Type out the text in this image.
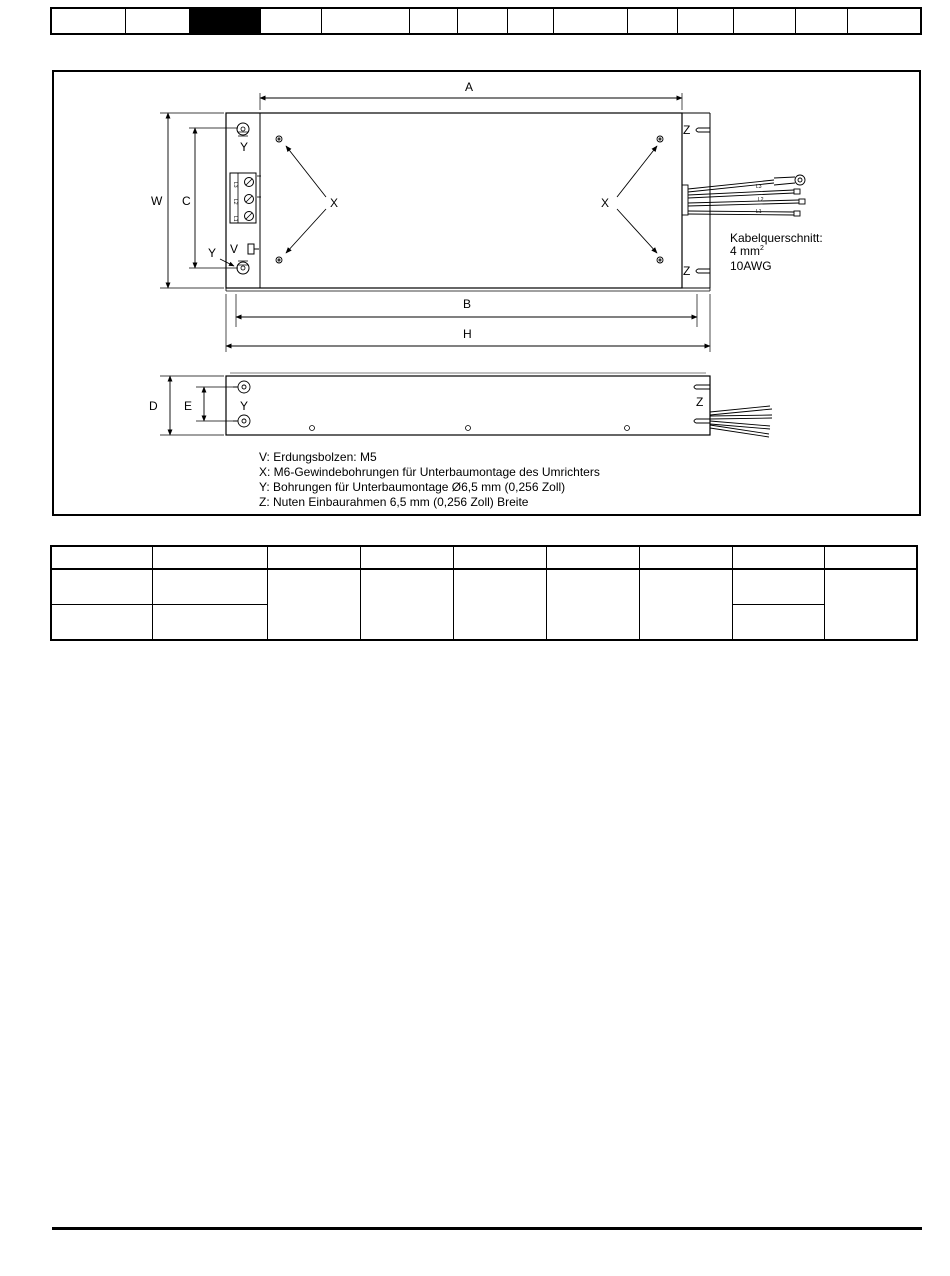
L3
L2
L1
L3
L2
L1
X	X
Y
Y V
Z
Z
A
W C
B
H
D E	Y	Z
Kabelquerschnitt:
4 $mm^2$
10AWG
V: Erdungsbolzen: M5
X: M6-Gewindebohrungen für Unterbaumontage des Umrichters
Y: Bohrungen für Unterbaumontage Ø6,5 mm (0,256 Zoll)
Z: Nuten Einbaurahmen 6,5 mm (0,256 Zoll) Breite
